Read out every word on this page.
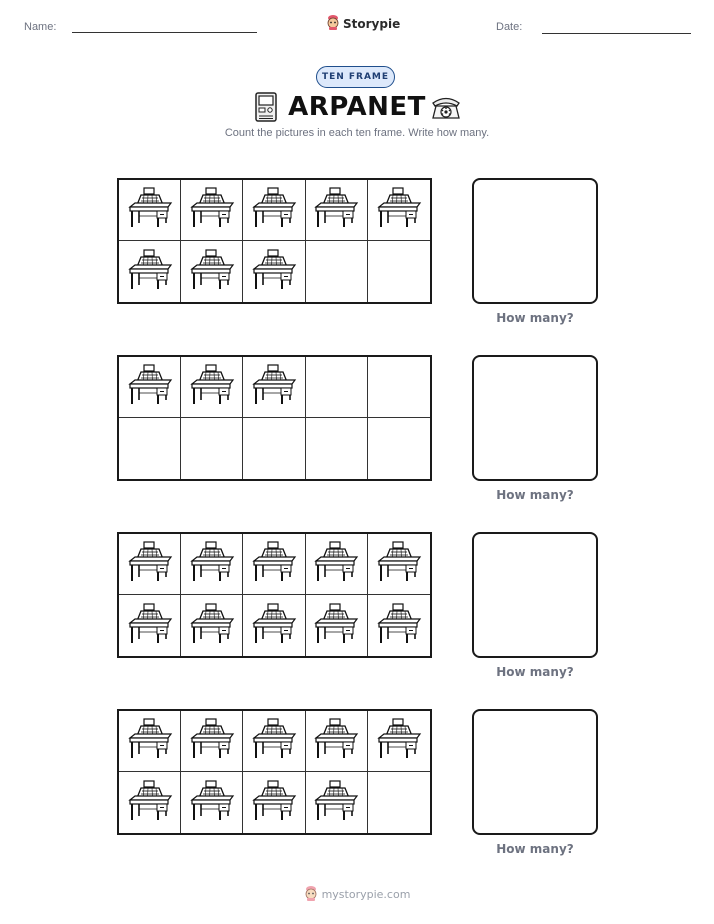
Name:	Storypie	Date:
TEN FRAME
ARPANET
Count the pictures in each ten frame. Write how many.
How many?
How many?
How many?
How many?
mystorypie.com
